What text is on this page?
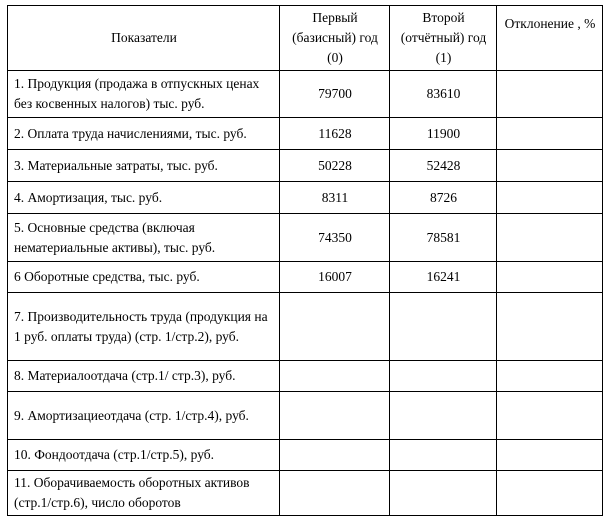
Показатели	Первый (базисный) год (0)	Второй (отчётный) год (1)	Отклонение , %
1. Продукция (продажа в отпускных ценах без косвенных налогов) тыс. руб.	79700	83610	
2. Оплата труда начислениями, тыс. руб.	11628	11900	
3. Материальные затраты, тыс. руб.	50228	52428	
4. Амортизация, тыс. руб.	8311	8726	
5. Основные средства (включая нематериальные активы), тыс. руб.	74350	78581	
6 Оборотные средства, тыс. руб.	16007	16241	
7. Производительность труда (продукция на 1 руб. оплаты труда) (стр. 1/стр.2), руб.			
8. Материалоотдача (стр.1/ стр.3), руб.			
9. Амортизациеотдача (стр. 1/стр.4), руб.			
10. Фондоотдача (стр.1/стр.5), руб.			
11. Оборачиваемость оборотных активов (стр.1/стр.6), число оборотов			
